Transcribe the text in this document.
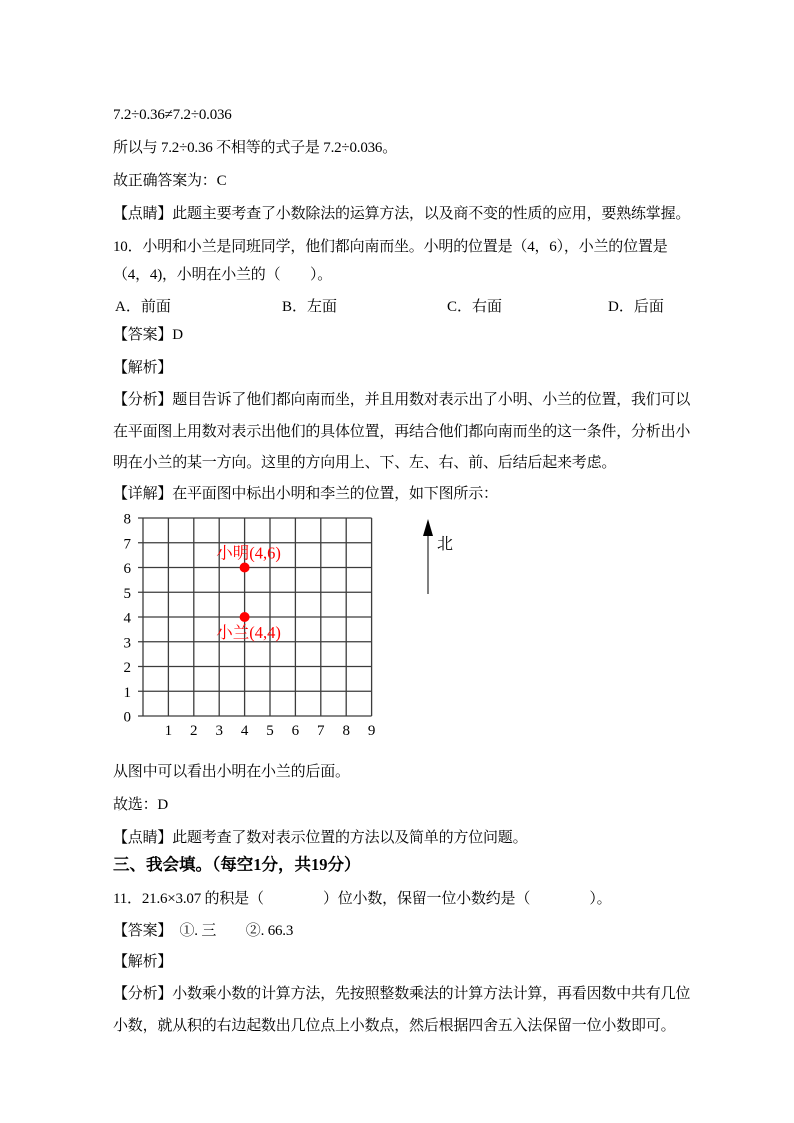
7.2÷0.36≠7.2÷0.036

所以与 7.2÷0.36 不相等的式子是 7.2÷0.036。

故正确答案为：C

【点睛】此题主要考查了小数除法的运算方法，以及商不变的性质的应用，要熟练掌握。

10．小明和小兰是同班同学，他们都向南而坐。小明的位置是（4，6），小兰的位置是

（4，4)，小明在小兰的（　　）。

A．前面	B．左面	C．右面	D．后面

【答案】D

【解析】

【分析】题目告诉了他们都向南而坐，并且用数对表示出了小明、小兰的位置，我们可以

在平面图上用数对表示出他们的具体位置，再结合他们都向南而坐的这一条件，分析出小

明在小兰的某一方向。这里的方向用上、下、左、右、前、后结后起来考虑。

【详解】在平面图中标出小明和李兰的位置，如下图所示：

0
1
2
3
4
5
6
7
8
1 2 3 4 5 6 7 8 9
小明(4,6)
小兰(4,4)
北

从图中可以看出小明在小兰的后面。

故选：D

【点睛】此题考查了数对表示位置的方法以及简单的方位问题。

三、我会填。（每空1分，共19分）

11．21.6×3.07 的积是（　　　　）位小数，保留一位小数约是（　　　　）。

【答案】　①. 三　　②. 66.3

【解析】

【分析】小数乘小数的计算方法，先按照整数乘法的计算方法计算，再看因数中共有几位

小数，就从积的右边起数出几位点上小数点，然后根据四舍五入法保留一位小数即可。
